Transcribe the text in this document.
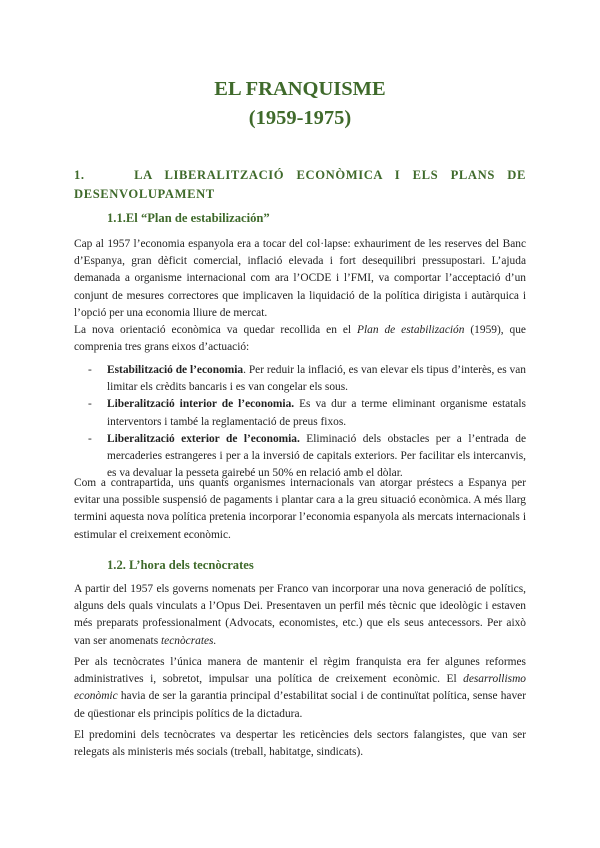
EL FRANQUISME
(1959-1975)
1.	LA LIBERALITZACIÓ ECONÒMICA I ELS PLANS DE DESENVOLUPAMENT
1.1.El “Plan de estabilización”

Cap al 1957 l’economia espanyola era a tocar del col·lapse: exhauriment de les reserves del Banc d’Espanya, gran dèficit comercial, inflació elevada i fort desequilibri pressupostari. L’ajuda demanada a organisme internacional com ara l’OCDE i l’FMI, va comportar l’acceptació d’un conjunt de mesures correctores que implicaven la liquidació de la política dirigista i autàrquica i l’opció per una economia lliure de mercat.

La nova orientació econòmica va quedar recollida en el Plan de estabilización (1959), que comprenia tres grans eixos d’actuació:

- Estabilització de l’economia. Per reduir la inflació, es van elevar els tipus d’interès, es van limitar els crèdits bancaris i es van congelar els sous.
- Liberalització interior de l’economia. Es va dur a terme eliminant organisme estatals interventors i també la reglamentació de preus fixos.
- Liberalització exterior de l’economia. Eliminació dels obstacles per a l’entrada de mercaderies estrangeres i per a la inversió de capitals exteriors. Per facilitar els intercanvis, es va devaluar la pesseta gairebé un 50% en relació amb el dòlar.

Com a contrapartida, uns quants organismes internacionals van atorgar préstecs a Espanya per evitar una possible suspensió de pagaments i plantar cara a la greu situació econòmica. A més llarg termini aquesta nova política pretenia incorporar l’economia espanyola als mercats internacionals i estimular el creixement econòmic.

1.2. L’hora dels tecnòcrates

A partir del 1957 els governs nomenats per Franco van incorporar una nova generació de polítics, alguns dels quals vinculats a l’Opus Dei. Presentaven un perfil més tècnic que ideològic i estaven més preparats professionalment (Advocats, economistes, etc.) que els seus antecessors. Per això van ser anomenats tecnòcrates.

Per als tecnòcrates l’única manera de mantenir el règim franquista era fer algunes reformes administratives i, sobretot, impulsar una política de creixement econòmic. El desarrollismo econòmic havia de ser la garantia principal d’estabilitat social i de continuïtat política, sense haver de qüestionar els principis polítics de la dictadura.

El predomini dels tecnòcrates va despertar les reticències dels sectors falangistes, que van ser relegats als ministeris més socials (treball, habitatge, sindicats).
